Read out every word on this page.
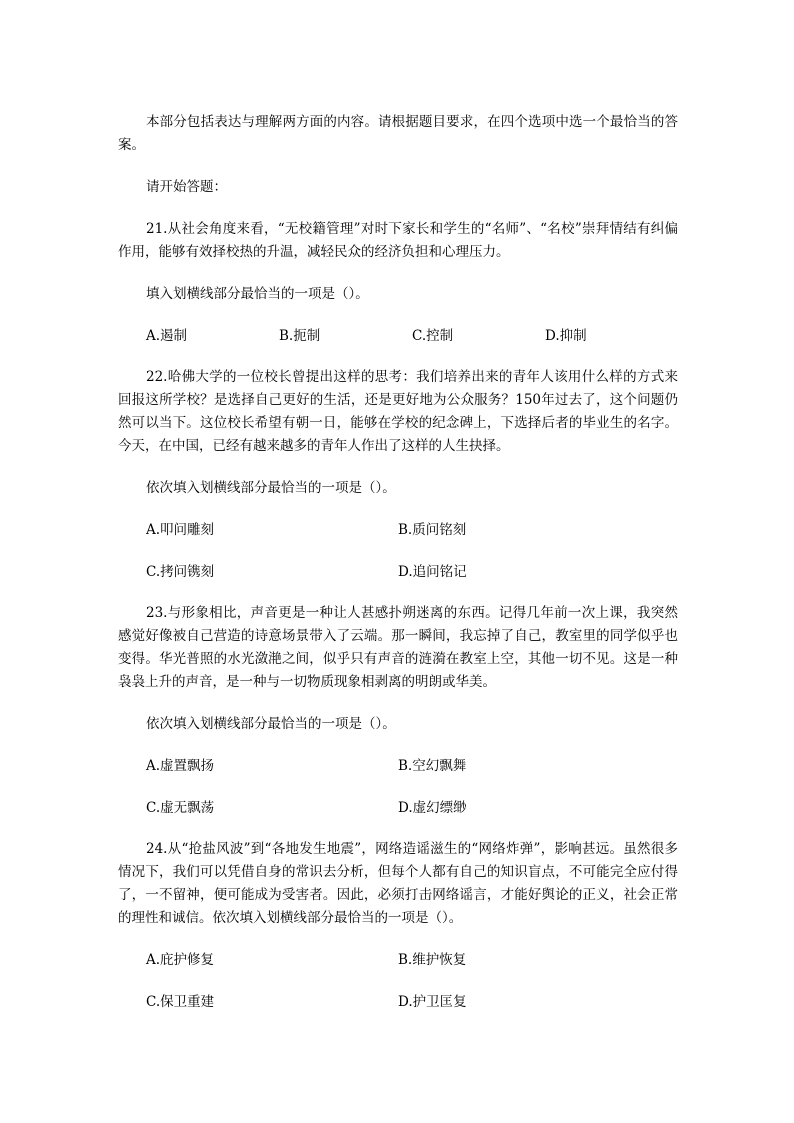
本部分包括表达与理解两方面的内容。请根据题目要求，在四个选项中选一个最恰当的答案。

请开始答题：

21.从社会角度来看，“无校籍管理”对时下家长和学生的“名师”、“名校”崇拜情结有纠偏作用，能够有效择校热的升温，减轻民众的经济负担和心理压力。

填入划横线部分最恰当的一项是（）。

A.遏制	B.扼制	C.控制	D.抑制

22.哈佛大学的一位校长曾提出这样的思考：我们培养出来的青年人该用什么样的方式来回报这所学校？是选择自己更好的生活，还是更好地为公众服务？150年过去了，这个问题仍然可以当下。这位校长希望有朝一日，能够在学校的纪念碑上，下选择后者的毕业生的名字。今天，在中国，已经有越来越多的青年人作出了这样的人生抉择。

依次填入划横线部分最恰当的一项是（）。

A.叩问雕刻	B.质问铭刻
C.拷问镌刻	D.追问铭记

23.与形象相比，声音更是一种让人甚感扑朔迷离的东西。记得几年前一次上课，我突然感觉好像被自己营造的诗意场景带入了云端。那一瞬间，我忘掉了自己，教室里的同学似乎也变得。华光普照的水光潋滟之间，似乎只有声音的涟漪在教室上空，其他一切不见。这是一种袅袅上升的声音，是一种与一切物质现象相剥离的明朗或华美。

依次填入划横线部分最恰当的一项是（）。

A.虚置飘扬	B.空幻飘舞
C.虚无飘荡	D.虚幻缥缈

24.从“抢盐风波”到“各地发生地震”，网络造谣滋生的“网络炸弹”，影响甚远。虽然很多情况下，我们可以凭借自身的常识去分析，但每个人都有自己的知识盲点，不可能完全应付得了，一不留神，便可能成为受害者。因此，必须打击网络谣言，才能好舆论的正义，社会正常的理性和诚信。依次填入划横线部分最恰当的一项是（）。

A.庇护修复	B.维护恢复
C.保卫重建	D.护卫匡复
